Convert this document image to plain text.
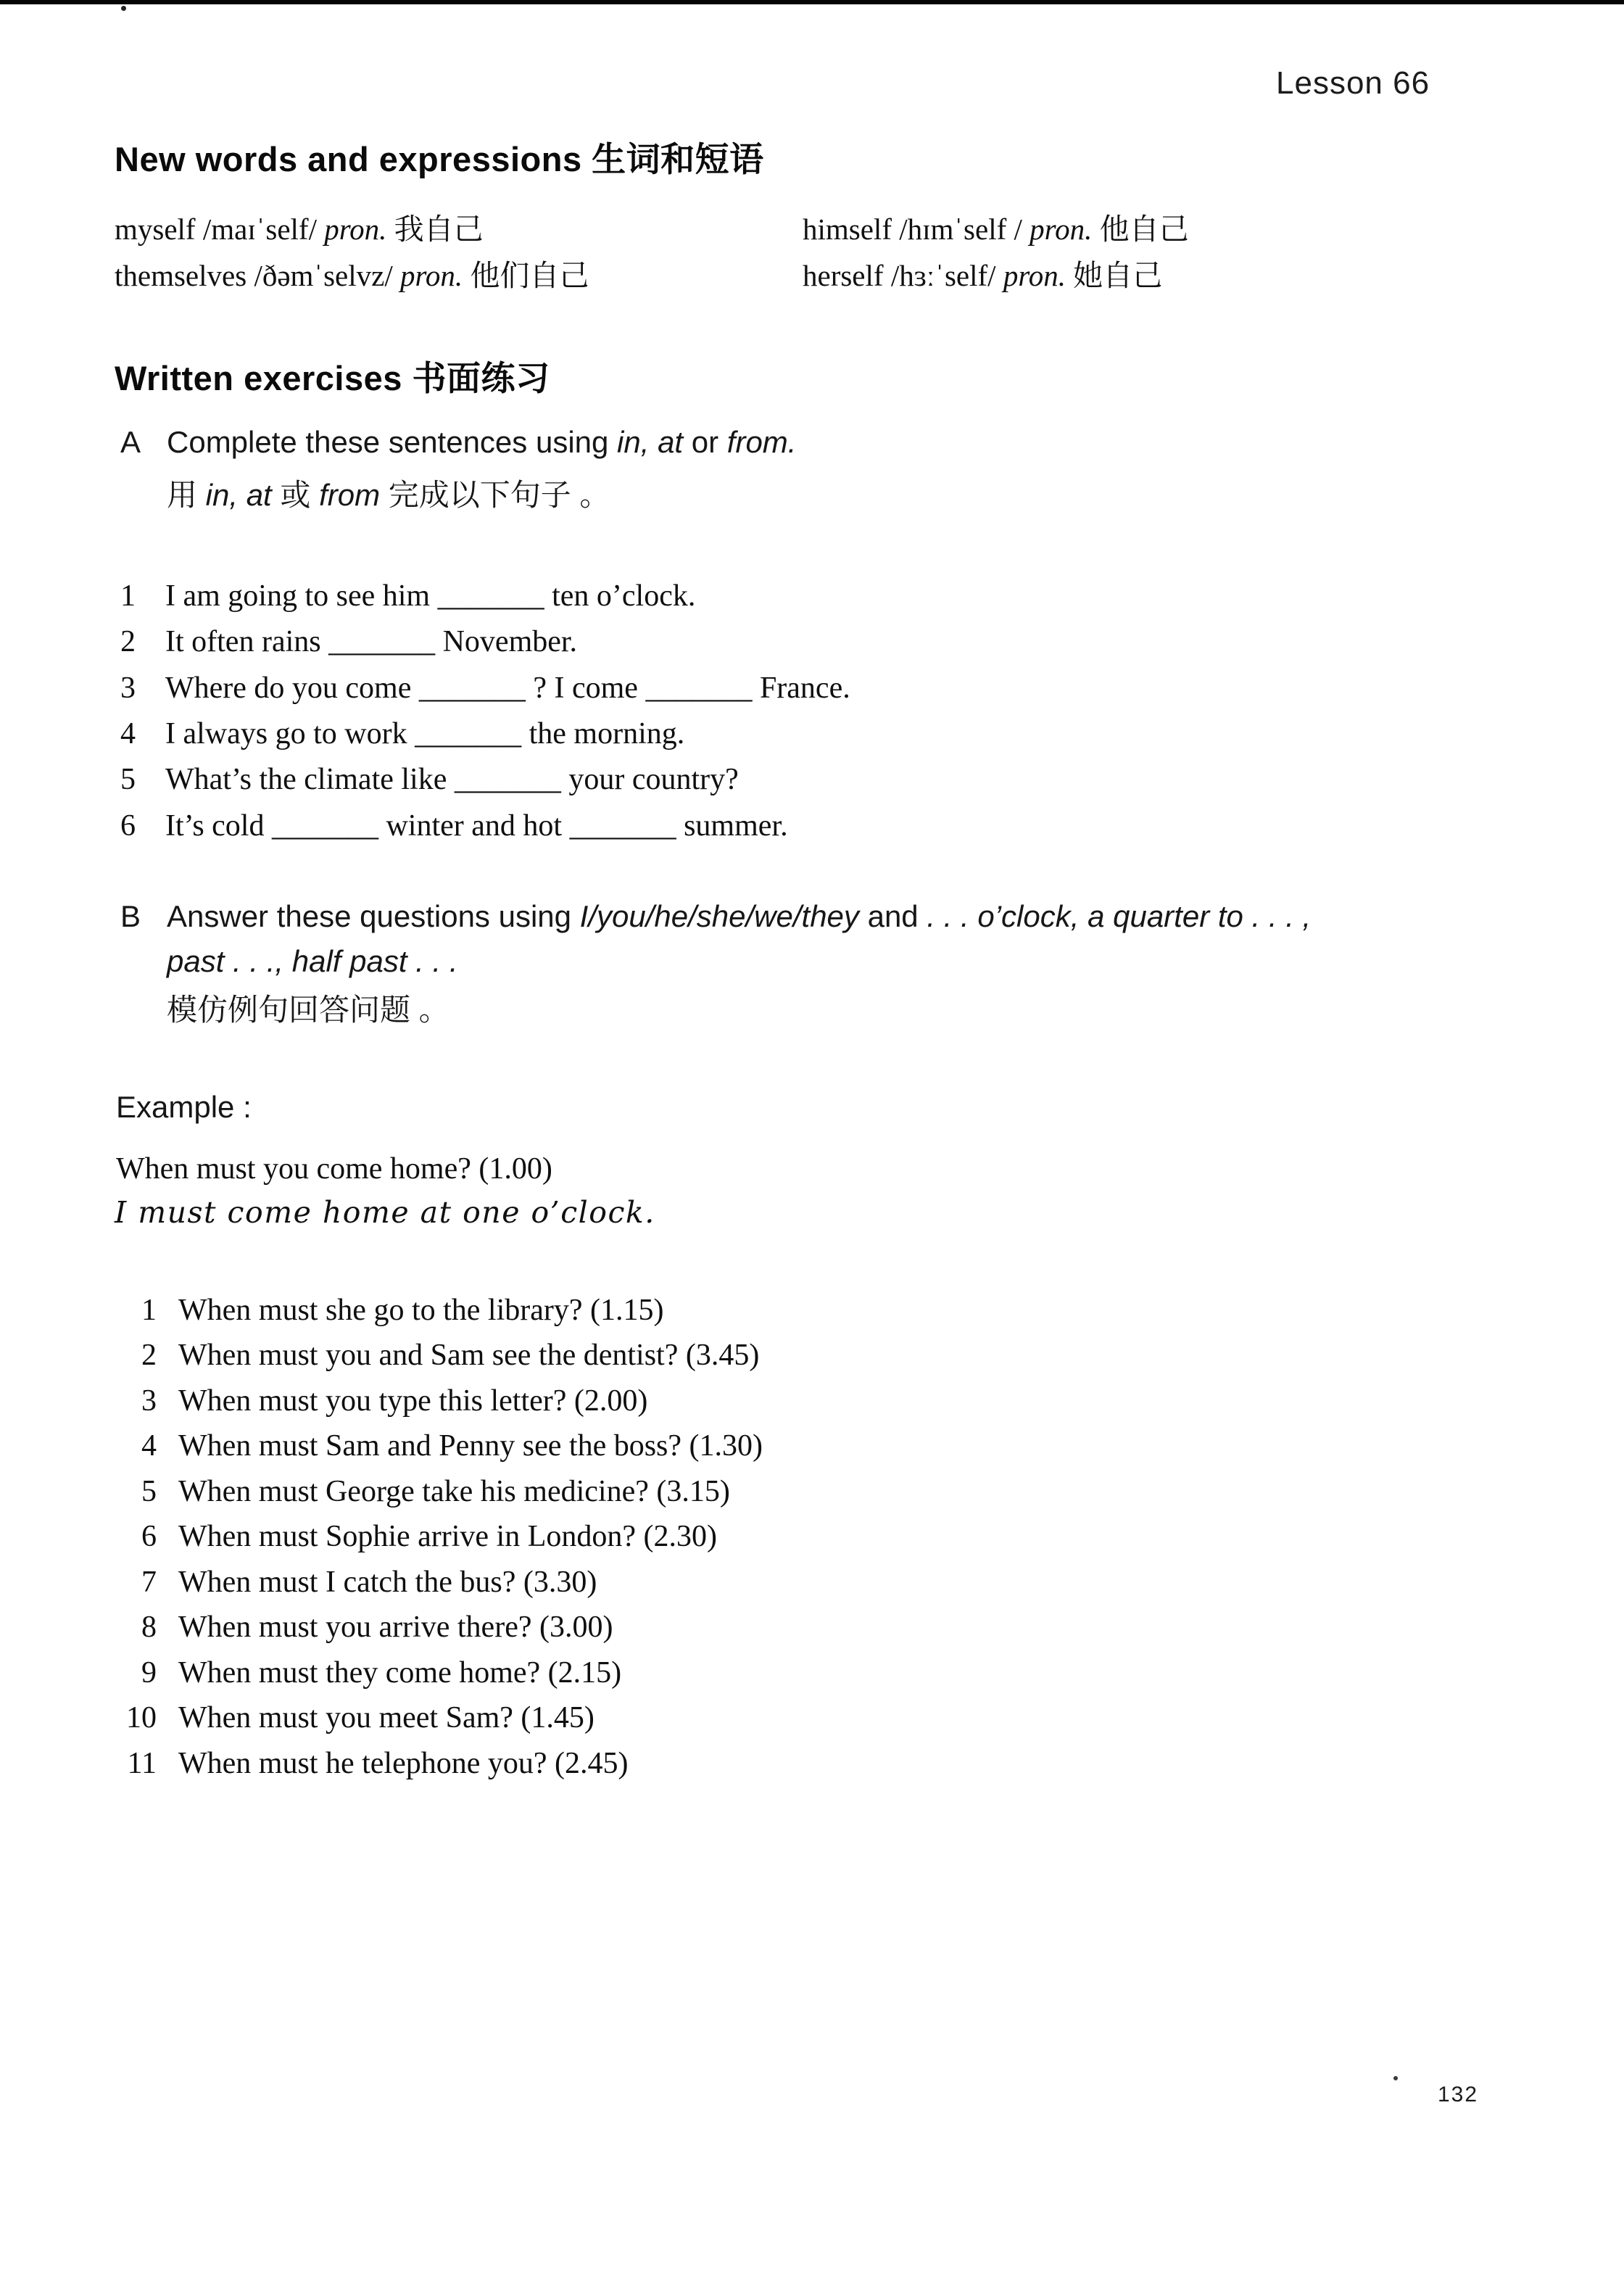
Lesson 66
New words and expressions 生词和短语
myself /maɪˈself/ pron. 我自己	himself /hɪmˈself / pron. 他自己
themselves /ðəmˈselvz/ pron. 他们自己	herself /hɜːˈself/ pron. 她自己
Written exercises 书面练习
A Complete these sentences using in, at or from.
用 in, at 或 from 完成以下句子 。
1 I am going to see him _______ ten o’clock.
2 It often rains _______ November.
3 Where do you come _______ ? I come _______ France.
4 I always go to work _______ the morning.
5 What’s the climate like _______ your country?
6 It’s cold _______ winter and hot _______ summer.
B Answer these questions using I/you/he/she/we/they and . . . o’clock, a quarter to . . . ,
past . . ., half past . . .
模仿例句回答问题 。
Example :
When must you come home? (1.00)
I must come home at one o’clock.
1 When must she go to the library? (1.15)
2 When must you and Sam see the dentist? (3.45)
3 When must you type this letter? (2.00)
4 When must Sam and Penny see the boss? (1.30)
5 When must George take his medicine? (3.15)
6 When must Sophie arrive in London? (2.30)
7 When must I catch the bus? (3.30)
8 When must you arrive there? (3.00)
9 When must they come home? (2.15)
10 When must you meet Sam? (1.45)
11 When must he telephone you? (2.45)
132
